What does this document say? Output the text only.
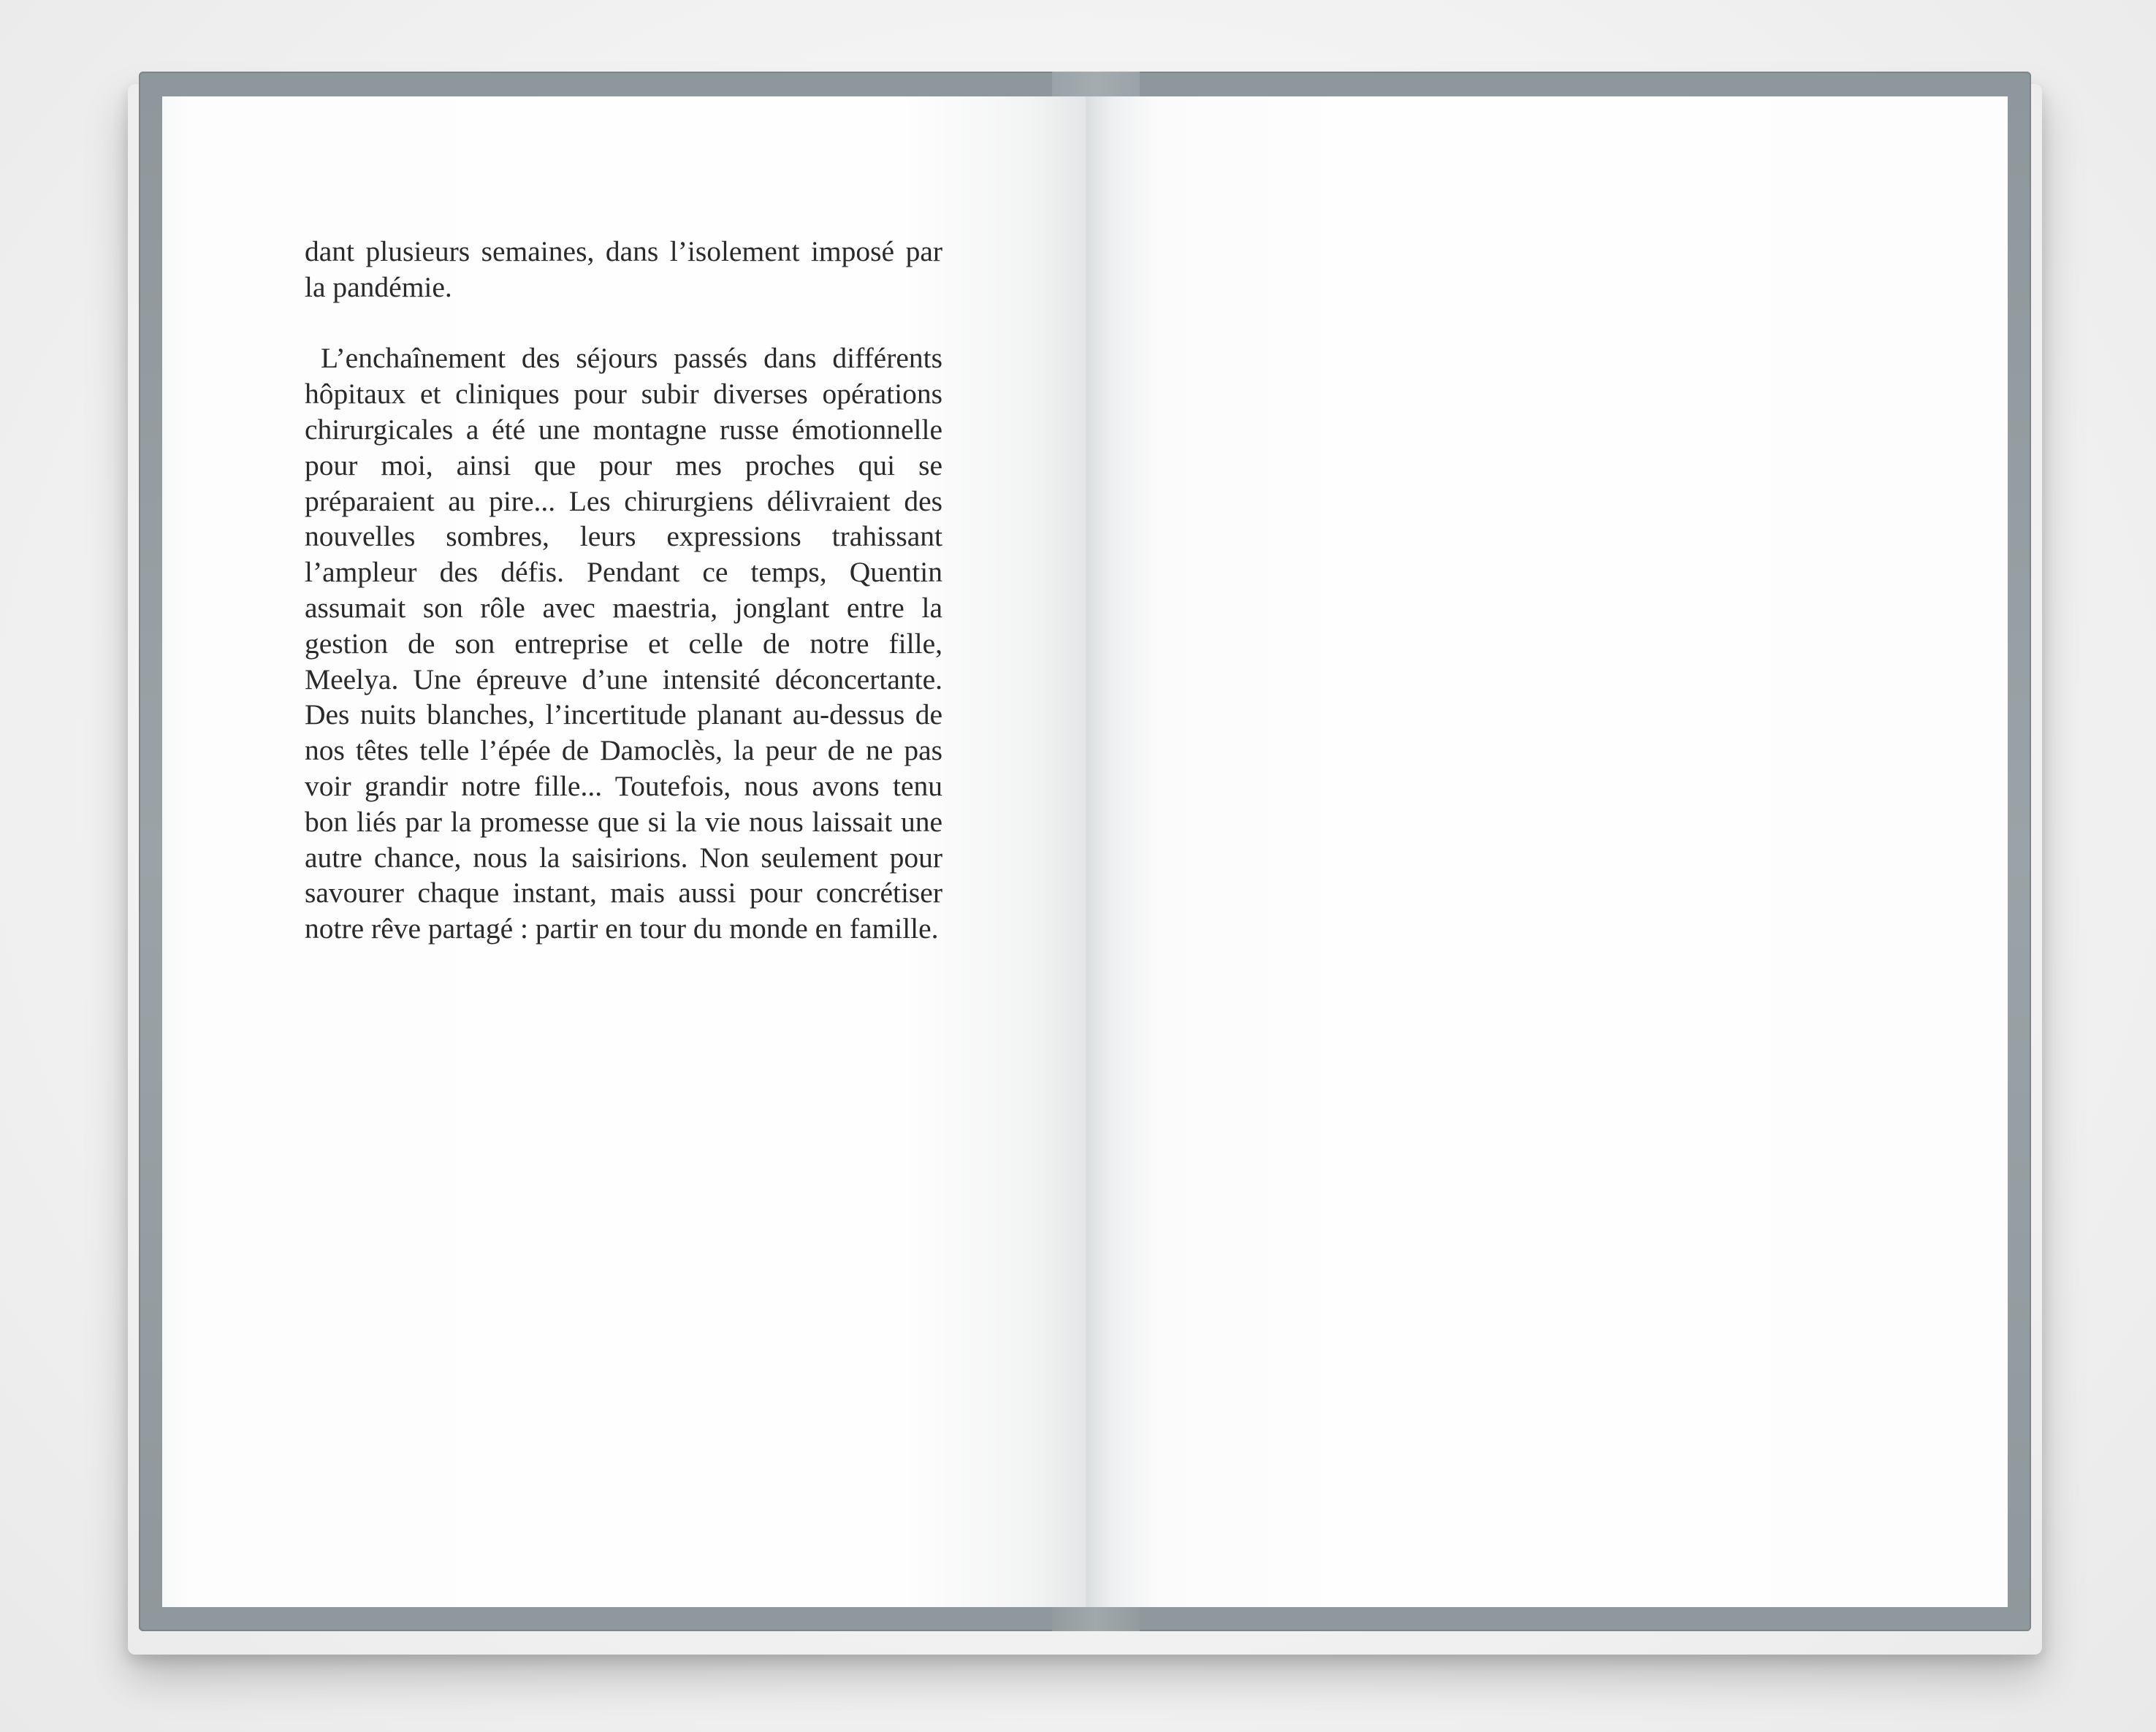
dant plusieurs semaines, dans l’isolement imposé par la pandémie.

L’enchaînement des séjours passés dans différents hôpitaux et cliniques pour subir diverses opérations chirurgicales a été une montagne russe émotionnelle pour moi, ainsi que pour mes proches qui se préparaient au pire... Les chirurgiens délivraient des nouvelles sombres, leurs expressions trahissant l’ampleur des défis. Pendant ce temps, Quentin assumait son rôle avec maestria, jonglant entre la gestion de son entreprise et celle de notre fille, Meelya. Une épreuve d’une intensité déconcertante. Des nuits blanches, l’incertitude planant au-dessus de nos têtes telle l’épée de Damoclès, la peur de ne pas voir grandir notre fille... Toutefois, nous avons tenu bon liés par la promesse que si la vie nous laissait une autre chance, nous la saisirions. Non seulement pour savourer chaque instant, mais aussi pour concrétiser notre rêve partagé : partir en tour du monde en famille.
